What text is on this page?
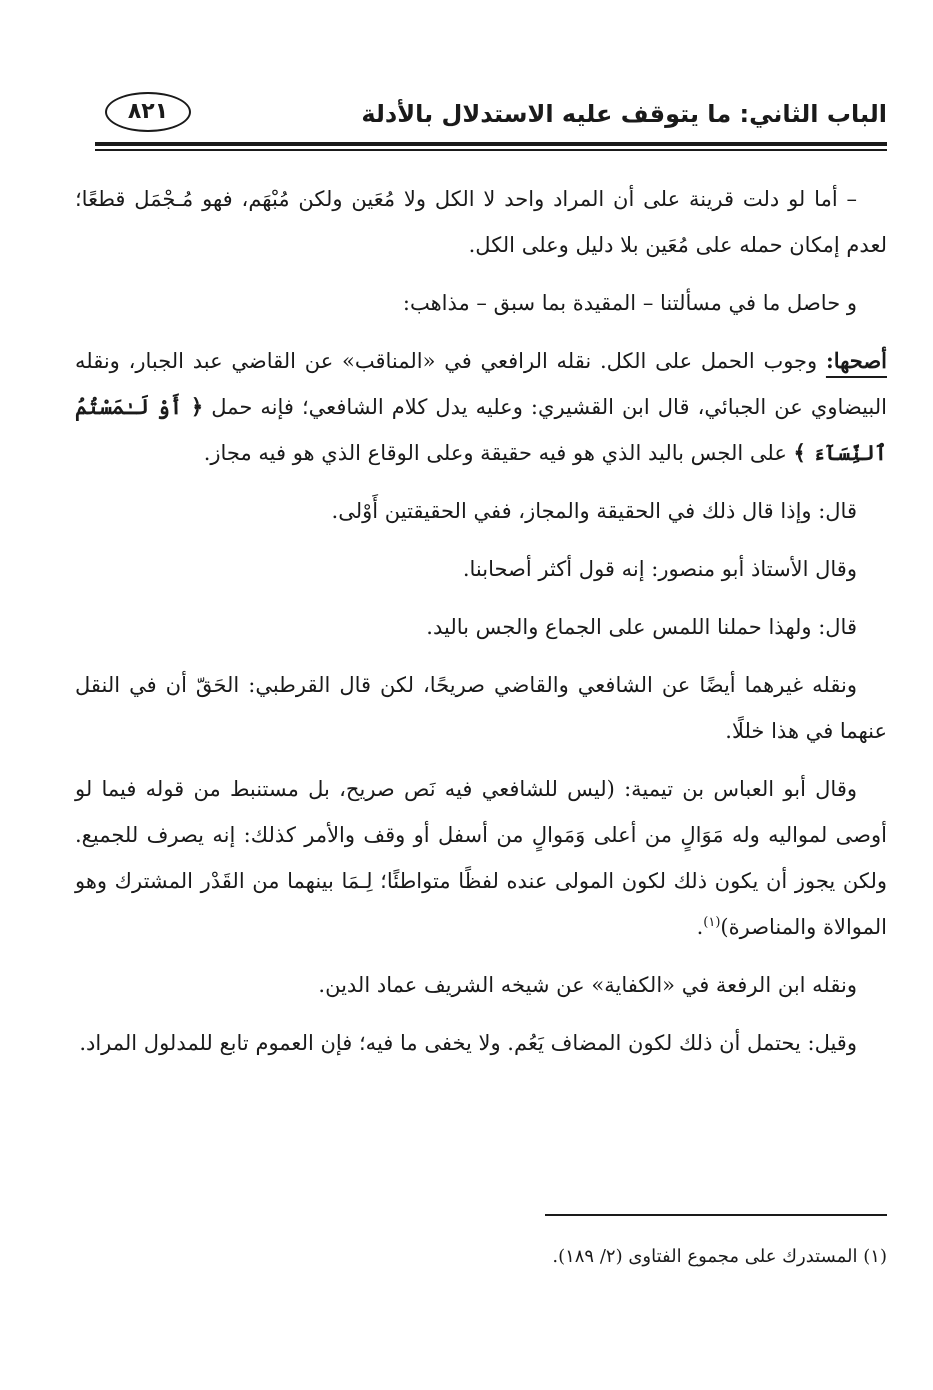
الباب الثاني: ما يتوقف عليه الاستدلال بالأدلة
٨٢١

– أما لو دلت قرينة على أن المراد واحد لا الكل ولا مُعَين ولكن مُبْهَم، فهو مُـجْمَل قطعًا؛ لعدم إمكان حمله على مُعَين بلا دليل وعلى الكل.

و حاصل ما في مسألتنا – المقيدة بما سبق – مذاهب:

أصحها: وجوب الحمل على الكل. نقله الرافعي في «المناقب» عن القاضي عبد الجبار، ونقله البيضاوي عن الجبائي، قال ابن القشيري: وعليه يدل كلام الشافعي؛ فإنه حمل ﴿ أَوْ لَـٰمَسْتُمُ ٱلنِّسَآءَ ﴾ على الجس باليد الذي هو فيه حقيقة وعلى الوقاع الذي هو فيه مجاز.

قال: وإذا قال ذلك في الحقيقة والمجاز، ففي الحقيقتين أَوْلى.

وقال الأستاذ أبو منصور: إنه قول أكثر أصحابنا.

قال: ولهذا حملنا اللمس على الجماع والجس باليد.

ونقله غيرهما أيضًا عن الشافعي والقاضي صريحًا، لكن قال القرطبي: الحَقّ أن في النقل عنهما في هذا خللًا.

وقال أبو العباس بن تيمية: (ليس للشافعي فيه نَص صريح، بل مستنبط من قوله فيما لو أوصى لمواليه وله مَوَالٍ من أعلى وَمَوالٍ من أسفل أو وقف والأمر كذلك: إنه يصرف للجميع. ولكن يجوز أن يكون ذلك لكون المولى عنده لفظًا متواطئًا؛ لِـمَا بينهما من القَدْر المشترك وهو الموالاة والمناصرة)$^{(١)}$.

ونقله ابن الرفعة في «الكفاية» عن شيخه الشريف عماد الدين.

وقيل: يحتمل أن ذلك لكون المضاف يَعُم. ولا يخفى ما فيه؛ فإن العموم تابع للمدلول المراد.

(١) المستدرك على مجموع الفتاوى (٢/ ١٨٩).
